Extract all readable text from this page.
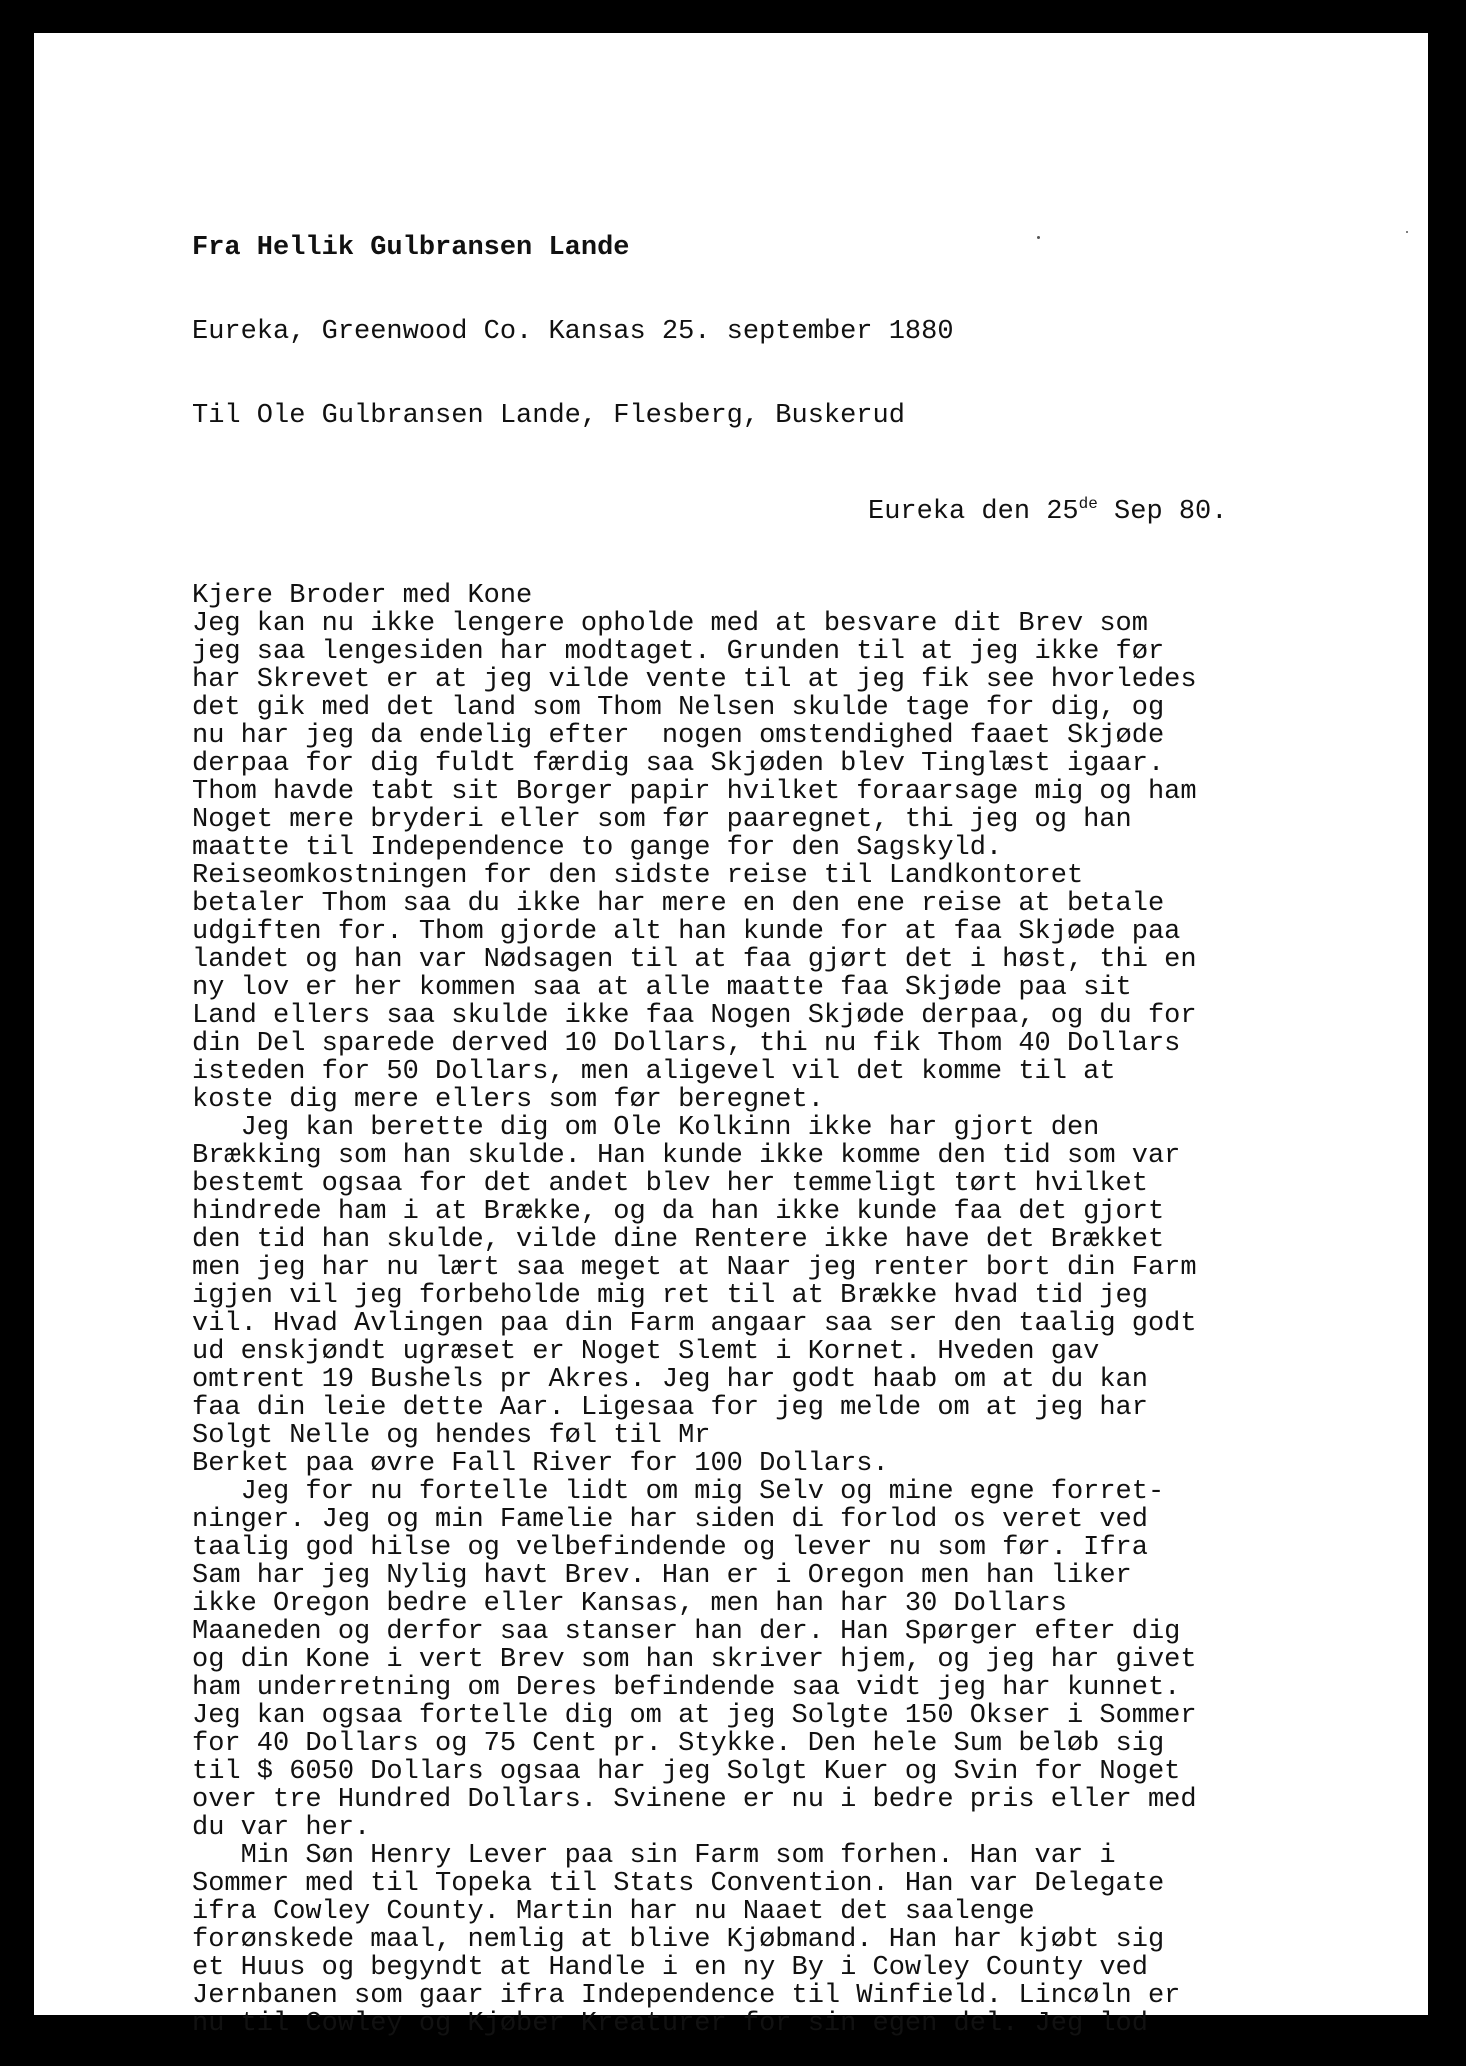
Fra Hellik Gulbransen Lande

Eureka, Greenwood Co. Kansas 25. september 1880

Til Ole Gulbransen Lande, Flesberg, Buskerud

Eureka den 25de Sep 80.

Kjere Broder med Kone
Jeg kan nu ikke lengere opholde med at besvare dit Brev som
jeg saa lengesiden har modtaget. Grunden til at jeg ikke før
har Skrevet er at jeg vilde vente til at jeg fik see hvorledes
det gik med det land som Thom Nelsen skulde tage for dig, og
nu har jeg da endelig efter  nogen omstendighed faaet Skjøde
derpaa for dig fuldt færdig saa Skjøden blev Tinglæst igaar.
Thom havde tabt sit Borger papir hvilket foraarsage mig og ham
Noget mere bryderi eller som før paaregnet, thi jeg og han
maatte til Independence to gange for den Sagskyld.
Reiseomkostningen for den sidste reise til Landkontoret
betaler Thom saa du ikke har mere en den ene reise at betale
udgiften for. Thom gjorde alt han kunde for at faa Skjøde paa
landet og han var Nødsagen til at faa gjørt det i høst, thi en
ny lov er her kommen saa at alle maatte faa Skjøde paa sit
Land ellers saa skulde ikke faa Nogen Skjøde derpaa, og du for
din Del sparede derved 10 Dollars, thi nu fik Thom 40 Dollars
isteden for 50 Dollars, men aligevel vil det komme til at
koste dig mere ellers som før beregnet.
Jeg kan berette dig om Ole Kolkinn ikke har gjort den
Brækking som han skulde. Han kunde ikke komme den tid som var
bestemt ogsaa for det andet blev her temmeligt tørt hvilket
hindrede ham i at Brække, og da han ikke kunde faa det gjort
den tid han skulde, vilde dine Rentere ikke have det Brækket
men jeg har nu lært saa meget at Naar jeg renter bort din Farm
igjen vil jeg forbeholde mig ret til at Brække hvad tid jeg
vil. Hvad Avlingen paa din Farm angaar saa ser den taalig godt
ud enskjøndt ugræset er Noget Slemt i Kornet. Hveden gav
omtrent 19 Bushels pr Akres. Jeg har godt haab om at du kan
faa din leie dette Aar. Ligesaa for jeg melde om at jeg har
Solgt Nelle og hendes føl til Mr
Berket paa øvre Fall River for 100 Dollars.
Jeg for nu fortelle lidt om mig Selv og mine egne forret-
ninger. Jeg og min Famelie har siden di forlod os veret ved
taalig god hilse og velbefindende og lever nu som før. Ifra
Sam har jeg Nylig havt Brev. Han er i Oregon men han liker
ikke Oregon bedre eller Kansas, men han har 30 Dollars
Maaneden og derfor saa stanser han der. Han Spørger efter dig
og din Kone i vert Brev som han skriver hjem, og jeg har givet
ham underretning om Deres befindende saa vidt jeg har kunnet.
Jeg kan ogsaa fortelle dig om at jeg Solgte 150 Okser i Sommer
for 40 Dollars og 75 Cent pr. Stykke. Den hele Sum beløb sig
til $ 6050 Dollars ogsaa har jeg Solgt Kuer og Svin for Noget
over tre Hundred Dollars. Svinene er nu i bedre pris eller med
du var her.
Min Søn Henry Lever paa sin Farm som forhen. Han var i
Sommer med til Topeka til Stats Convention. Han var Delegate
ifra Cowley County. Martin har nu Naaet det saalenge
forønskede maal, nemlig at blive Kjøbmand. Han har kjøbt sig
et Huus og begyndt at Handle i en ny By i Cowley County ved
Jernbanen som gaar ifra Independence til Winfield. Lincøln er
nu til Cowley og Kjøber Kreaturer for sin egen del. Jeg lod
